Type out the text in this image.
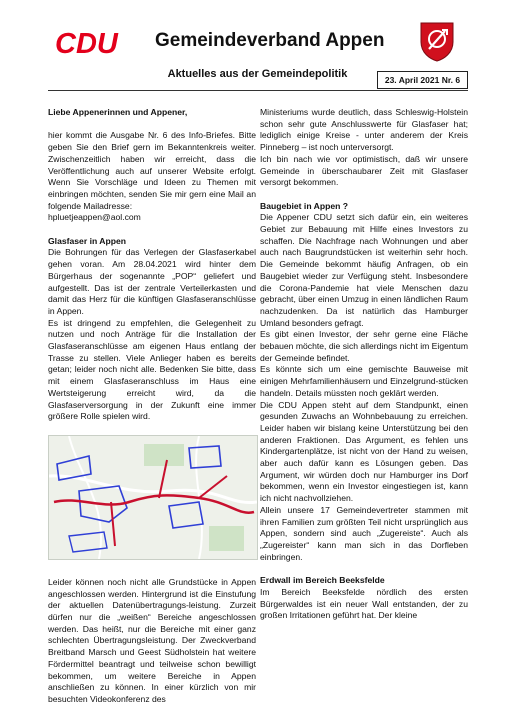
CDU Gemeindeverband Appen
Aktuelles aus der Gemeindepolitik	23. April 2021 Nr. 6

Liebe Appenerinnen und Appener,

hier kommt die Ausgabe Nr. 6 des Info-Briefes. Bitte geben Sie den Brief gern im Bekanntenkreis weiter. Zwischenzeitlich haben wir erreicht, dass die Veröffentlichung auch auf unserer Website erfolgt. Wenn Sie Vorschläge und Ideen zu Themen mit einbringen möchten, senden Sie mir gern eine Mail an folgende Mailadresse:

hpluetjeappen@aol.com

Glasfaser in Appen

Die Bohrungen für das Verlegen der Glasfaserkabel gehen voran. Am 28.04.2021 wird hinter dem Bürgerhaus der sogenannte „POP“ geliefert und aufgestellt. Das ist der zentrale Verteilerkasten und damit das Herz für die künftigen Glasfaseranschlüsse in Appen.

Es ist dringend zu empfehlen, die Gelegenheit zu nutzen und noch Anträge für die Installation der Glasfaseranschlüsse am eigenen Haus entlang der Trasse zu stellen. Viele Anlieger haben es bereits getan; leider noch nicht alle. Bedenken Sie bitte, dass mit einem Glasfaseranschluss im Haus eine Wertsteigerung erreicht wird, da die Glasfaserversorgung in der Zukunft eine immer größere Rolle spielen wird.

Leider können noch nicht alle Grundstücke in Appen angeschlossen werden. Hintergrund ist die Einstufung der aktuellen Datenübertragungs-leistung. Zurzeit dürfen nur die „weißen“ Bereiche angeschlossen werden. Das heißt, nur die Bereiche mit einer ganz schlechten Übertragungsleistung. Der Zweckverband Breitband Marsch und Geest Südholstein hat weitere Fördermittel beantragt und teilweise schon bewilligt bekommen, um weitere Bereiche in Appen anschließen zu können. In einer kürzlich von mir besuchten Videokonferenz des

Ministeriums wurde deutlich, dass Schleswig-Holstein schon sehr gute Anschlusswerte für Glasfaser hat; lediglich einige Kreise - unter anderem der Kreis Pinneberg – ist noch unterversorgt.

Ich bin nach wie vor optimistisch, daß wir unsere Gemeinde in überschaubarer Zeit mit Glasfaser versorgt bekommen.

Baugebiet in Appen ?

Die Appener CDU setzt sich dafür ein, ein weiteres Gebiet zur Bebauung mit Hilfe eines Investors zu schaffen. Die Nachfrage nach Wohnungen und aber auch nach Baugrundstücken ist weiterhin sehr hoch. Die Gemeinde bekommt häufig Anfragen, ob ein Baugebiet wieder zur Verfügung steht. Insbesondere die Corona-Pandemie hat viele Menschen dazu gebracht, über einen Umzug in einen ländlichen Raum nachzudenken. Da ist natürlich das Hamburger Umland besonders gefragt.

Es gibt einen Investor, der sehr gerne eine Fläche bebauen möchte, die sich allerdings nicht im Eigentum der Gemeinde befindet.

Es könnte sich um eine gemischte Bauweise mit einigen Mehrfamilienhäusern und Einzelgrund-stücken handeln. Details müssten noch geklärt werden.

Die CDU Appen steht auf dem Standpunkt, einen gesunden Zuwachs an Wohnbebauung zu erreichen. Leider haben wir bislang keine Unterstützung bei den anderen Fraktionen. Das Argument, es fehlen uns Kindergartenplätze, ist nicht von der Hand zu weisen, aber auch dafür kann es Lösungen geben. Das Argument, wir würden doch nur Hamburger ins Dorf bekommen, wenn ein Investor eingestiegen ist, kann ich nicht nachvollziehen.

Allein unsere 17 Gemeindevertreter stammen mit ihren Familien zum größten Teil nicht ursprünglich aus Appen, sondern sind auch „Zugereiste“. Auch als „Zugereister“ kann man sich in das Dorfleben einbringen.

Erdwall im Bereich Beeksfelde

Im Bereich Beeksfelde nördlich des ersten Bürgerwaldes ist ein neuer Wall entstanden, der zu großen Irritationen geführt hat. Der kleine
